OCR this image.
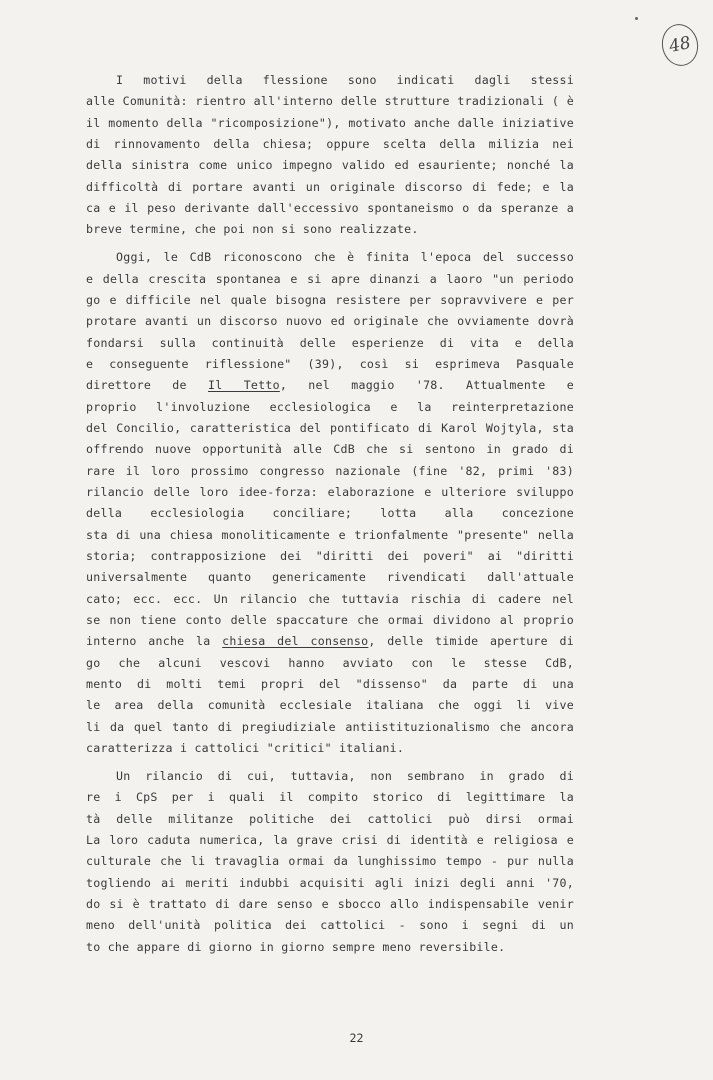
48
I motivi della flessione sono indicati dagli stessi
alle Comunità: rientro all'interno delle strutture tradizionali ( è
il momento della "ricomposizione"), motivato anche dalle iniziative
di rinnovamento della chiesa; oppure scelta della milizia nei
della sinistra come unico impegno valido ed esauriente; nonché la
difficoltà di portare avanti un originale discorso di fede; e la
ca e il peso derivante dall'eccessivo spontaneismo o da speranze a
breve termine, che poi non si sono realizzate.
Oggi, le CdB riconoscono che è finita l'epoca del successo
e della crescita spontanea e si apre dinanzi a laoro "un periodo
go e difficile nel quale bisogna resistere per sopravvivere e per
protare avanti un discorso nuovo ed originale che ovviamente dovrà
fondarsi sulla continuità delle esperienze di vita e della
e conseguente riflessione" (39), così si esprimeva Pasquale
direttore de Il Tetto, nel maggio '78. Attualmente e
proprio l'involuzione ecclesiologica e la reinterpretazione
del Concilio, caratteristica del pontificato di Karol Wojtyla, sta
offrendo nuove opportunità alle CdB che si sentono in grado di
rare il loro prossimo congresso nazionale (fine '82, primi '83)
rilancio delle loro idee-forza: elaborazione e ulteriore sviluppo
della ecclesiologia conciliare; lotta alla concezione
sta di una chiesa monoliticamente e trionfalmente "presente" nella
storia; contrapposizione dei "diritti dei poveri" ai "diritti
universalmente quanto genericamente rivendicati dall'attuale
cato; ecc. ecc. Un rilancio che tuttavia rischia di cadere nel
se non tiene conto delle spaccature che ormai dividono al proprio
interno anche la chiesa del consenso, delle timide aperture di
go che alcuni vescovi hanno avviato con le stesse CdB,
mento di molti temi propri del "dissenso" da parte di una
le area della comunità ecclesiale italiana che oggi li vive
li da quel tanto di pregiudiziale antiistituzionalismo che ancora
caratterizza i cattolici "critici" italiani.
Un rilancio di cui, tuttavia, non sembrano in grado di
re i CpS per i quali il compito storico di legittimare la
tà delle militanze politiche dei cattolici può dirsi ormai
La loro caduta numerica, la grave crisi di identità e religiosa e
culturale che li travaglia ormai da lunghissimo tempo - pur nulla
togliendo ai meriti indubbi acquisiti agli inizi degli anni '70,
do si è trattato di dare senso e sbocco allo indispensabile venir
meno dell'unità politica dei cattolici - sono i segni di un
to che appare di giorno in giorno sempre meno reversibile.
22
